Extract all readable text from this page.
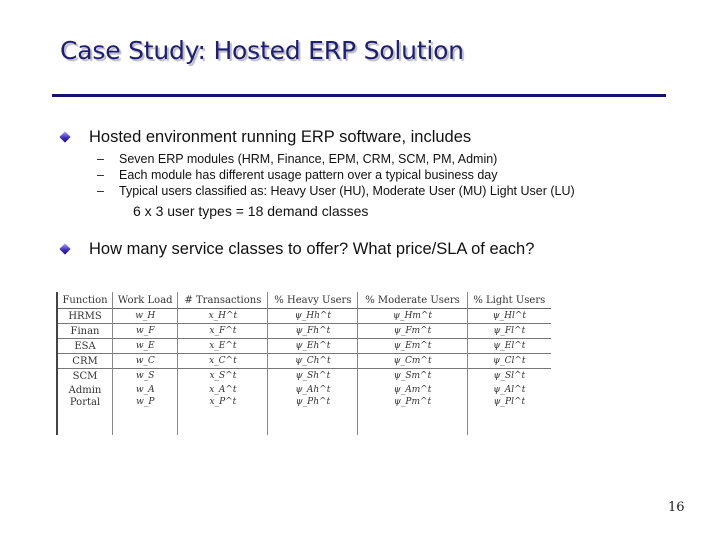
Case Study: Hosted ERP Solution
Hosted environment running ERP software, includes
–	Seven ERP modules (HRM, Finance, EPM, CRM, SCM, PM, Admin)
–	Each module has different usage pattern over a typical business day
–	Typical users classified as: Heavy User (HU), Moderate User (MU) Light User (LU)
6 x 3 user types = 18 demand classes
How many service classes to offer? What price/SLA of each?
Function	Work Load	# Transactions	% Heavy Users	% Moderate Users	% Light Users
HRMS	w_H	x_H^t	ψ_Hh^t	ψ_Hm^t	ψ_Hl^t
Finan	w_F	x_F^t	ψ_Fh^t	ψ_Fm^t	ψ_Fl^t
ESA	w_E	x_E^t	ψ_Eh^t	ψ_Em^t	ψ_El^t
CRM	w_C	x_C^t	ψ_Ch^t	ψ_Cm^t	ψ_Cl^t
SCM	w_S	x_S^t	ψ_Sh^t	ψ_Sm^t	ψ_Sl^t
Admin	w_A	x_A^t	ψ_Ah^t	ψ_Am^t	ψ_Al^t
Portal	w_P	x_P^t	ψ_Ph^t	ψ_Pm^t	ψ_Pl^t
16
